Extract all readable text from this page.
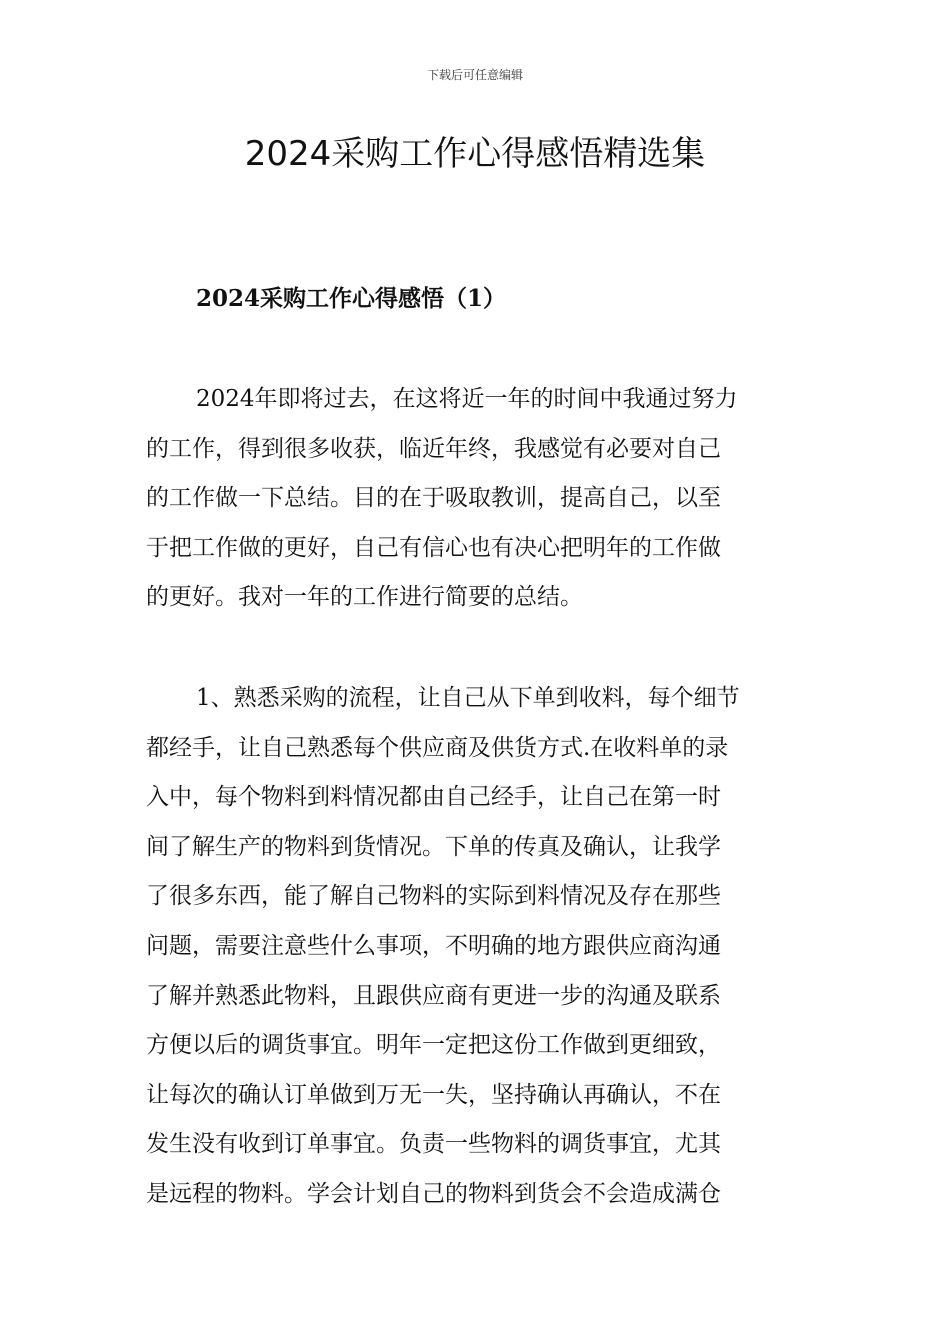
下载后可任意编辑
2024采购工作心得感悟精选集
2024采购工作心得感悟（1）

2024年即将过去，在这将近一年的时间中我通过努力
的工作，得到很多收获，临近年终，我感觉有必要对自己
的工作做一下总结。目的在于吸取教训，提高自己，以至
于把工作做的更好，自己有信心也有决心把明年的工作做
的更好。我对一年的工作进行简要的总结。

1、熟悉采购的流程，让自己从下单到收料，每个细节
都经手，让自己熟悉每个供应商及供货方式.在收料单的录
入中，每个物料到料情况都由自己经手，让自己在第一时
间了解生产的物料到货情况。下单的传真及确认，让我学
了很多东西，能了解自己物料的实际到料情况及存在那些
问题，需要注意些什么事项，不明确的地方跟供应商沟通
了解并熟悉此物料，且跟供应商有更进一步的沟通及联系
方便以后的调货事宜。明年一定把这份工作做到更细致，
让每次的确认订单做到万无一失，坚持确认再确认，不在
发生没有收到订单事宜。负责一些物料的调货事宜，尤其
是远程的物料。学会计划自己的物料到货会不会造成满仓
